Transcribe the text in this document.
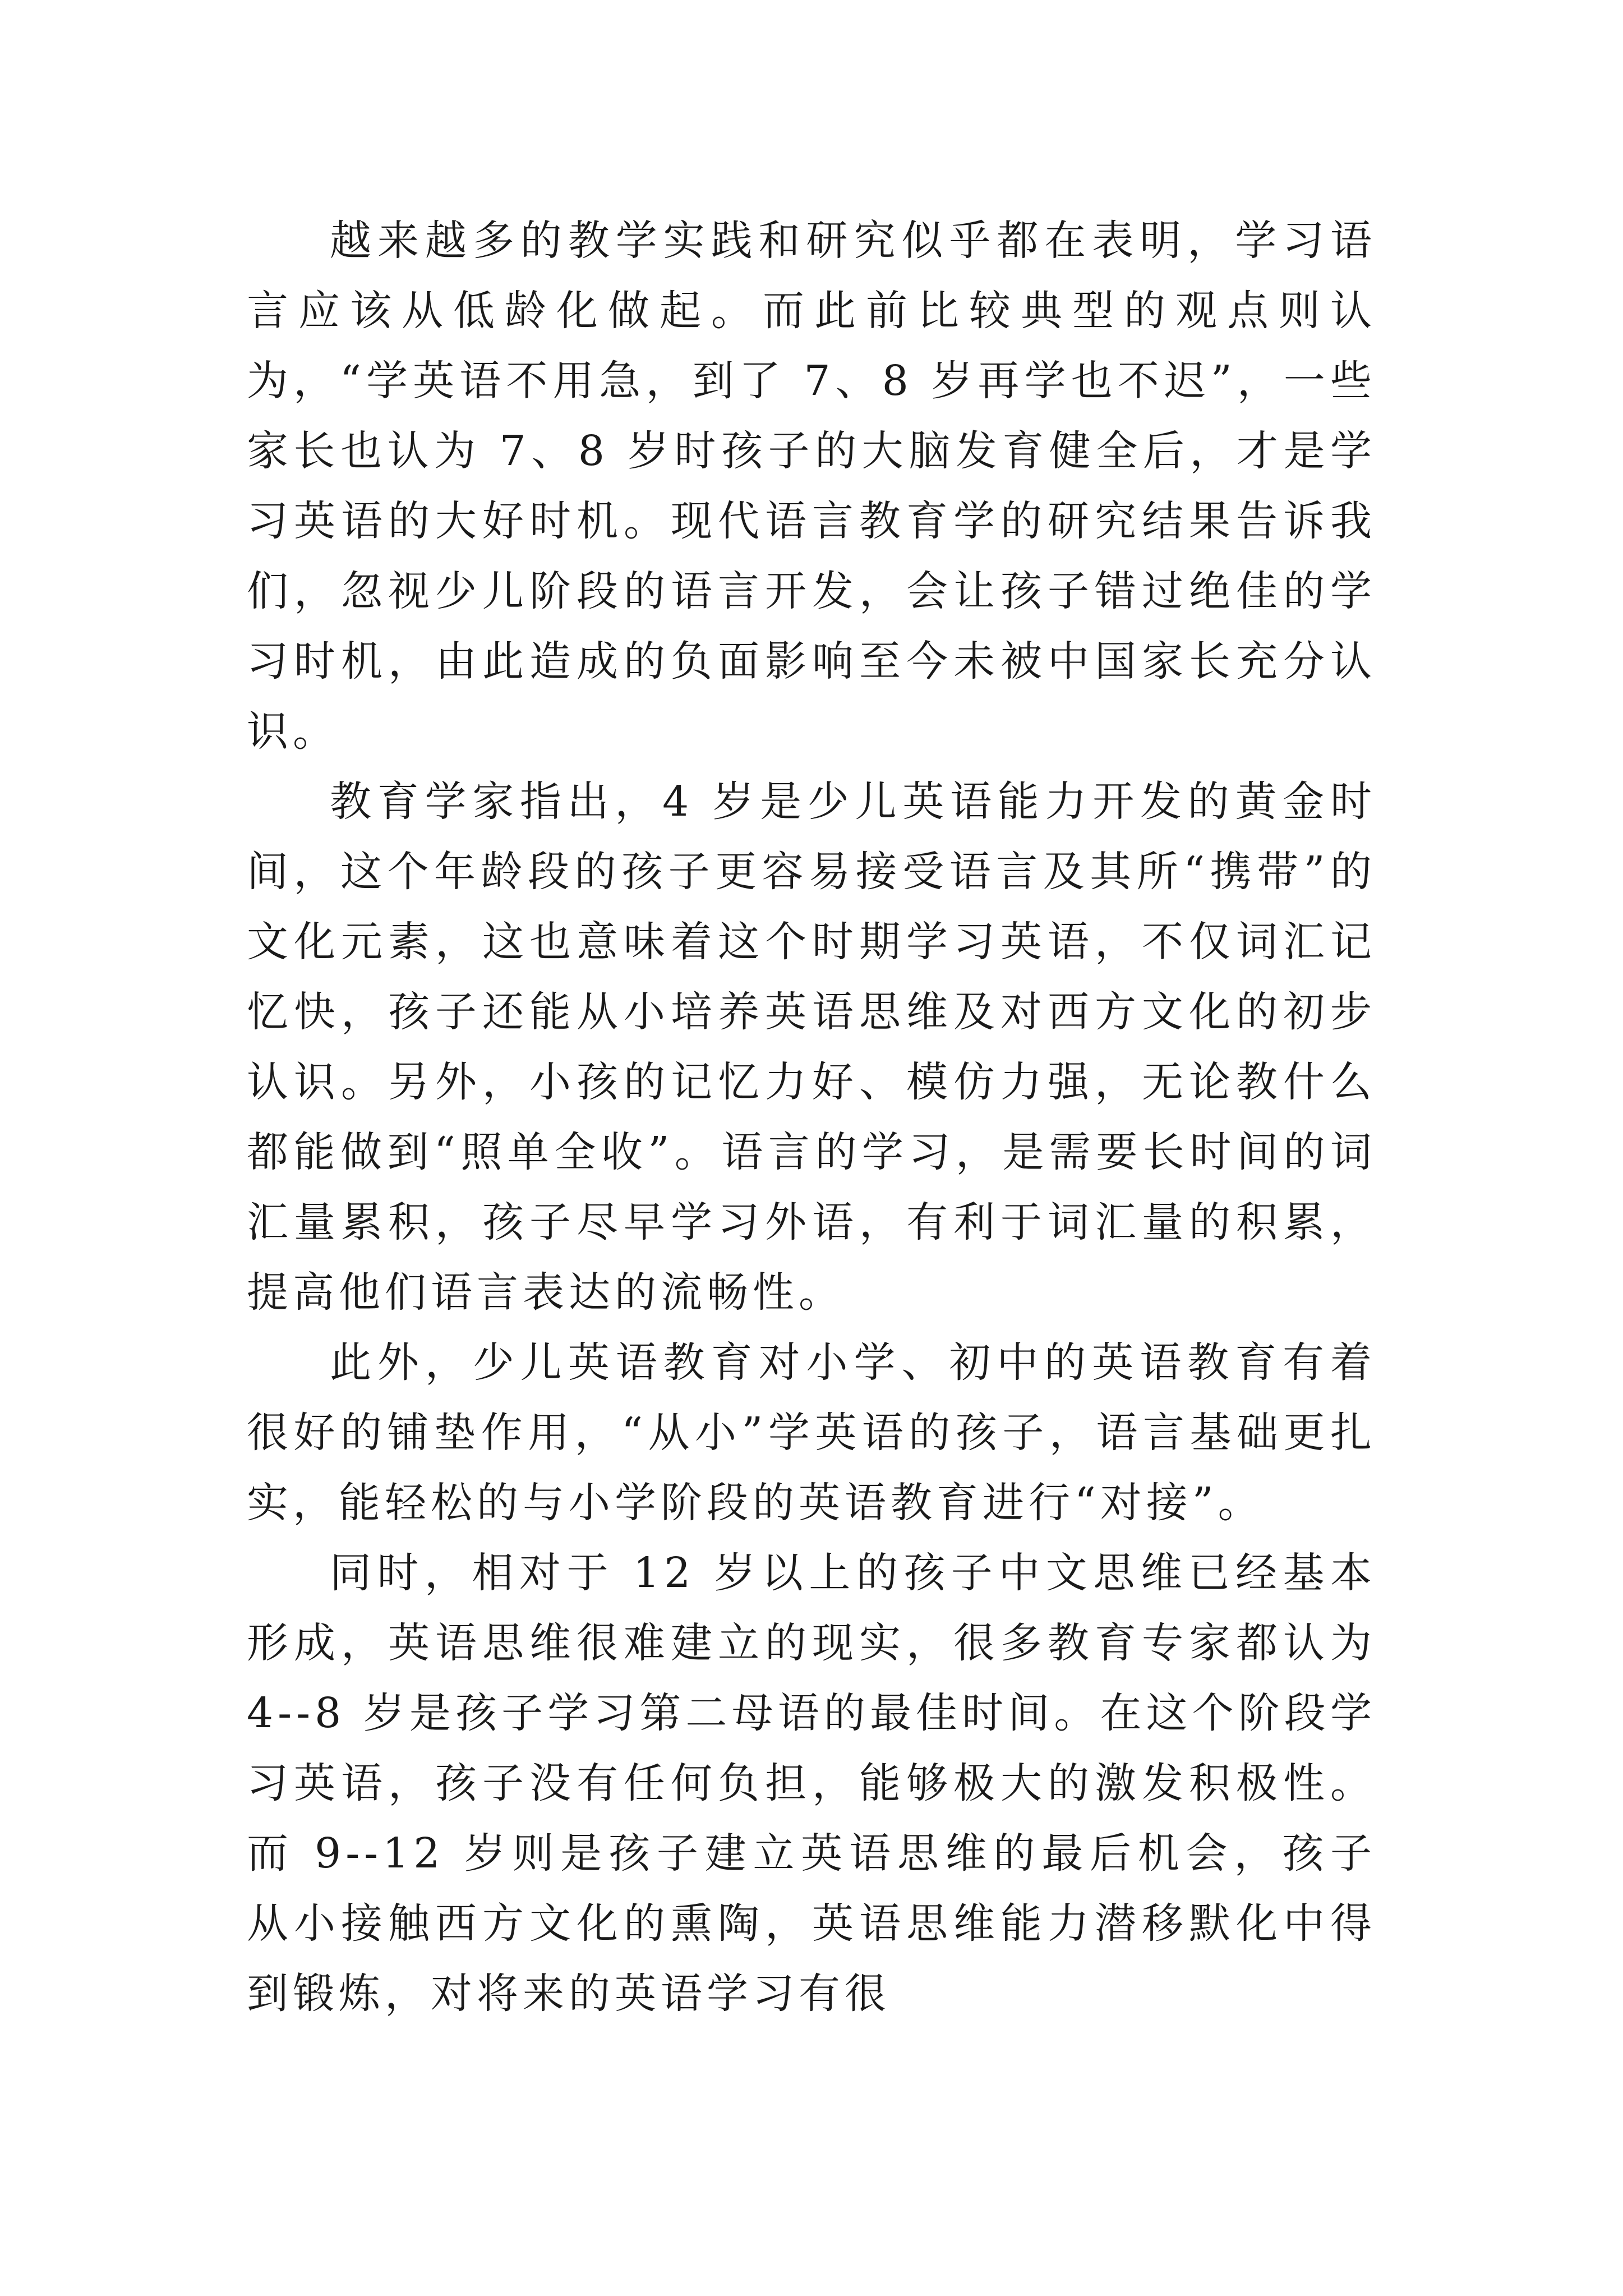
越来越多的教学实践和研究似乎都在表明，学习语言应该从低龄化做起。而此前比较典型的观点则认为，“学英语不用急，到了 7、8 岁再学也不迟”，一些家长也认为 7、8 岁时孩子的大脑发育健全后，才是学习英语的大好时机。现代语言教育学的研究结果告诉我们，忽视少儿阶段的语言开发，会让孩子错过绝佳的学习时机，由此造成的负面影响至今未被中国家长充分认识。

教育学家指出，4 岁是少儿英语能力开发的黄金时间，这个年龄段的孩子更容易接受语言及其所“携带”的文化元素，这也意味着这个时期学习英语，不仅词汇记忆快，孩子还能从小培养英语思维及对西方文化的初步认识。另外，小孩的记忆力好、模仿力强，无论教什么都能做到“照单全收”。语言的学习，是需要长时间的词汇量累积，孩子尽早学习外语，有利于词汇量的积累，提高他们语言表达的流畅性。

此外，少儿英语教育对小学、初中的英语教育有着很好的铺垫作用，“从小”学英语的孩子，语言基础更扎实，能轻松的与小学阶段的英语教育进行“对接”。

同时，相对于 12 岁以上的孩子中文思维已经基本形成，英语思维很难建立的现实，很多教育专家都认为 4--8 岁是孩子学习第二母语的最佳时间。在这个阶段学习英语，孩子没有任何负担，能够极大的激发积极性。而 9--12 岁则是孩子建立英语思维的最后机会，孩子从小接触西方文化的熏陶，英语思维能力潜移默化中得到锻炼，对将来的英语学习有很
